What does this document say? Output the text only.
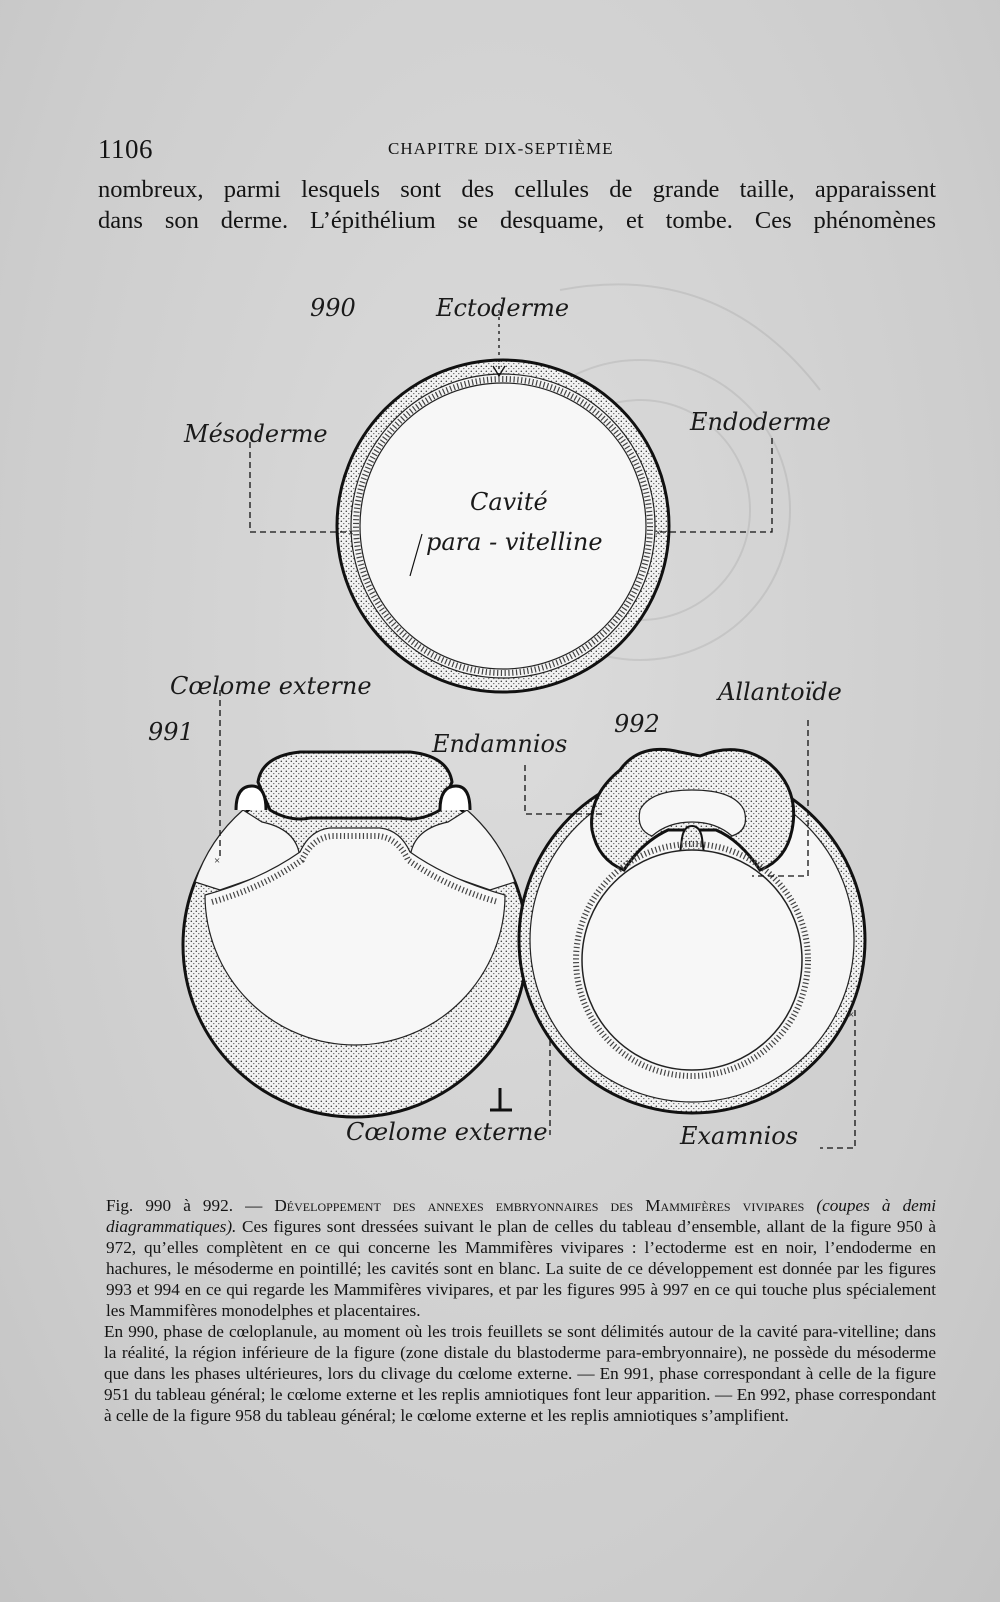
1106	CHAPITRE DIX-SEPTIÈME
nombreux, parmi lesquels sont des cellules de grande taille, apparaissent
dans son derme. L’épithélium se desquame, et tombe. Ces phénomènes
×	×
990	Ectoderme
Mésoderme	Endoderme
Cavité
para - vitelline
×
Cœlome externe
991
Cœlome externe
×
Allantoïde
992
Endamnios
Examnios

Fig. 990 à 992. — Développement des annexes embryonnaires des Mammifères vivipares (coupes à demi diagrammatiques). Ces figures sont dressées suivant le plan de celles du tableau d’ensemble, allant de la figure 950 à 972, qu’elles complètent en ce qui concerne les Mammifères vivipares : l’ectoderme est en noir, l’endoderme en hachures, le mésoderme en pointillé; les cavités sont en blanc. La suite de ce développement est donnée par les figures 993 et 994 en ce qui regarde les Mammifères vivipares, et par les figures 995 à 997 en ce qui touche plus spécialement les Mammifères monodelphes et placentaires.

En 990, phase de cœloplanule, au moment où les trois feuillets se sont délimités autour de la cavité para-vitelline; dans la réalité, la région inférieure de la figure (zone distale du blastoderme para-embryonnaire), ne possède du mésoderme que dans les phases ultérieures, lors du clivage du cœlome externe. — En 991, phase correspondant à celle de la figure 951 du tableau général; le cœlome externe et les replis amniotiques font leur apparition. — En 992, phase correspondant à celle de la figure 958 du tableau général; le cœlome externe et les replis amniotiques s’amplifient.
